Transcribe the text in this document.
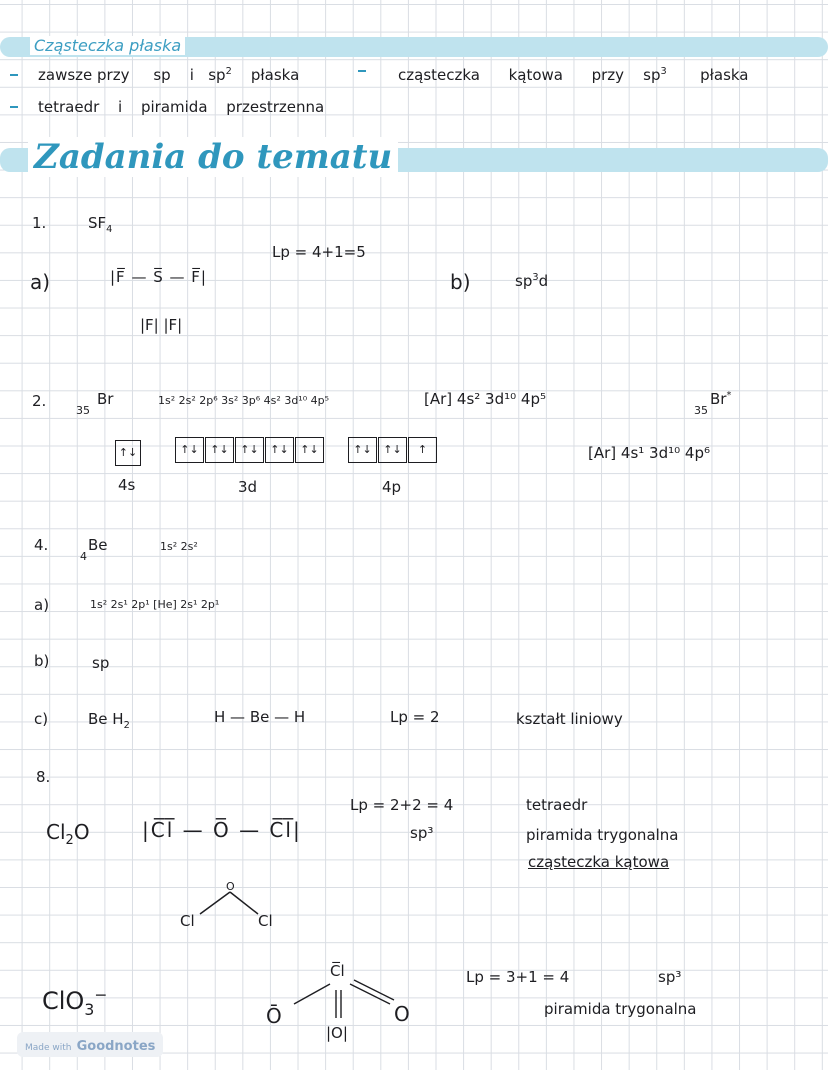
Cząsteczka płaska
zawsze przy sp i $sp^2$ płaska	cząsteczka kątowa przy $sp^3$ płaska
tetraedr i piramida przestrzenna
Zadania do tematu
1.	$SF_4$
a)	|F̅ — S̅ — F̅|
|F| |F|
Lp = 4+1=5
b)	$sp^3d$
2.
35
Br	1s² 2s² 2p⁶ 3s² 3p⁶ 4s² 3d¹⁰ 4p⁵	[Ar] 4s² 3d¹⁰ 4p⁵
35
Br*
[Ar] 4s¹ 3d¹⁰ 4p⁶
↑↓	↑↓	↑↓	↑↓	↑↓	↑↓	↑↓	↑↓	↑
4s	3d	4p
4.
4
Be	1s² 2s²
a)	1s² 2s¹ 2p¹ [He] 2s¹ 2p¹
b)	sp
c)	Be $H_2$	H — Be — H	Lp = 2	kształt liniowy
8.
$Cl_2O$	|C̅l̅ — O̅ — C̅l̅|
Lp = 2+2 = 4
sp³
tetraedr
piramida trygonalna
cząsteczka kątowa
O
Cl	Cl
ClO$_3$−
C̅l
Ō	O
|O|
Lp = 3+1 = 4	sp³
piramida trygonalna
Made with Goodnotes
